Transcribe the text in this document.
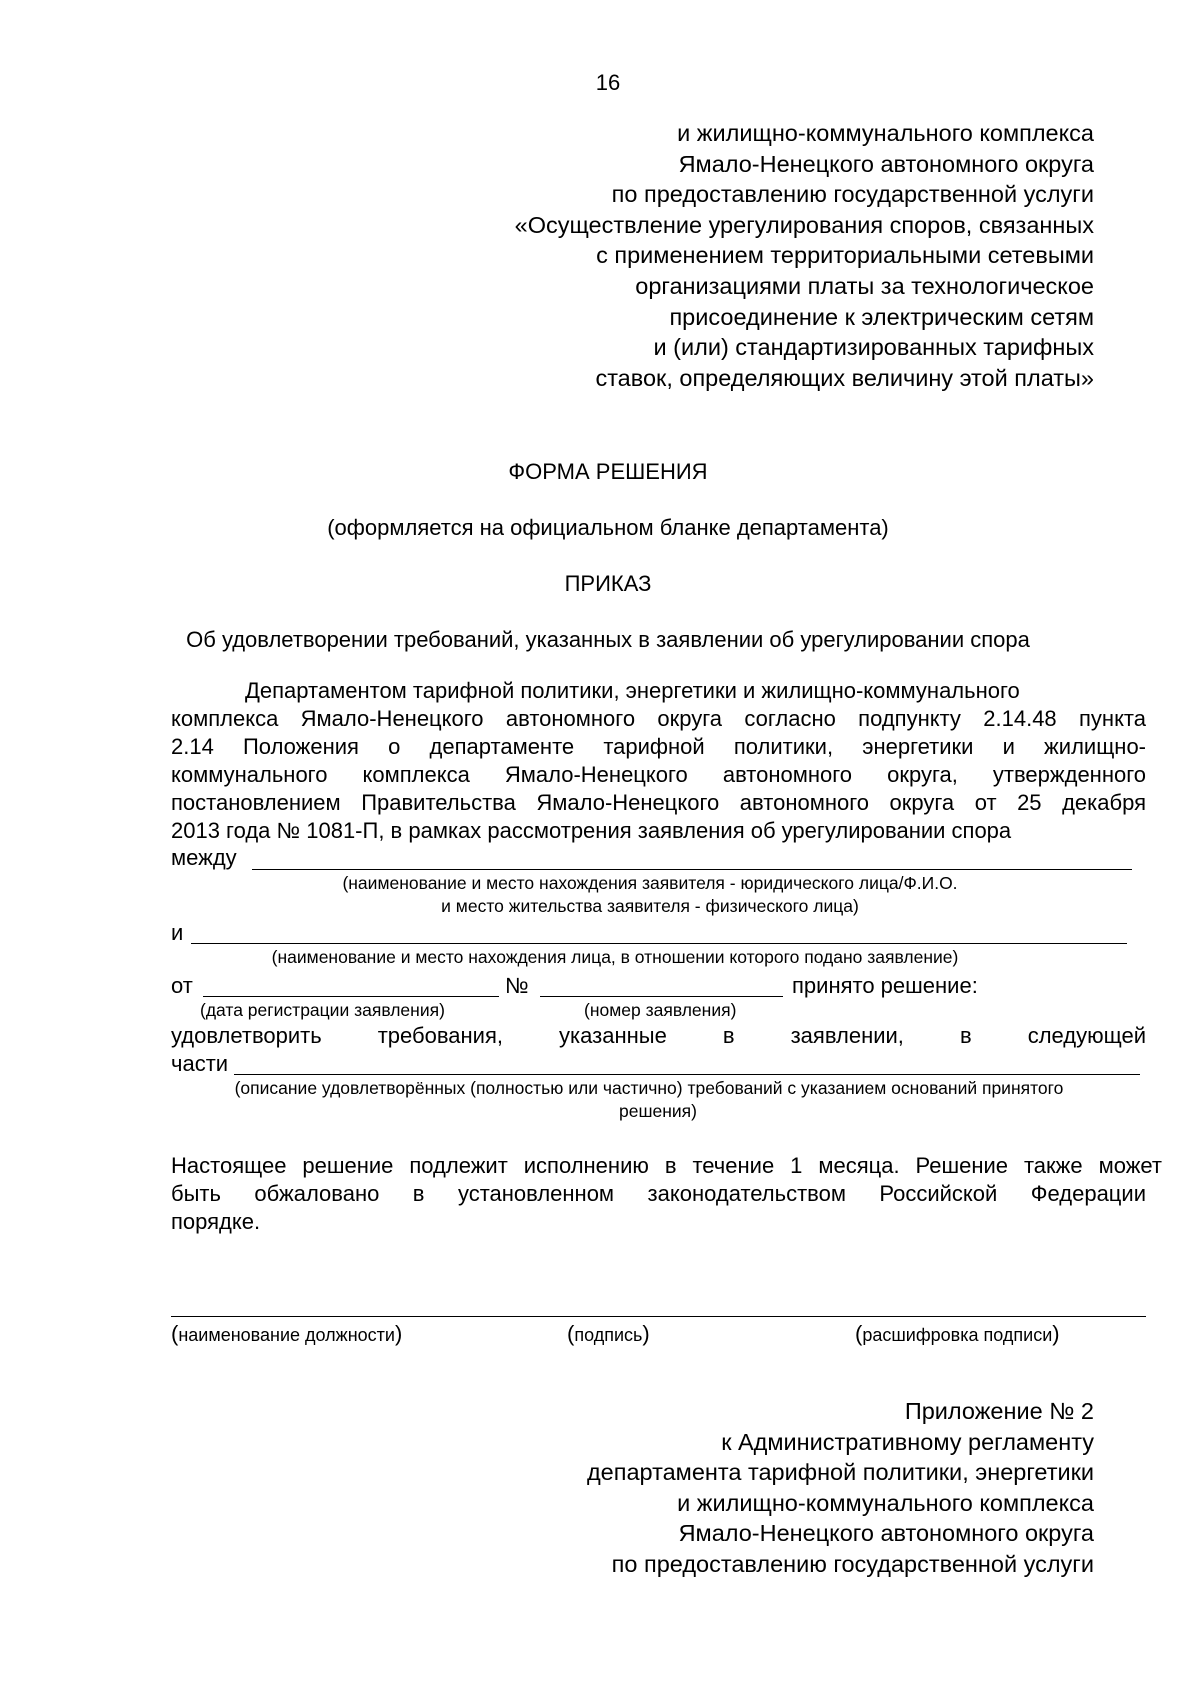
16
и жилищно-коммунального комплекса
Ямало-Ненецкого автономного округа
по предоставлению государственной услуги
«Осуществление урегулирования споров, связанных
с применением территориальными сетевыми
организациями платы за технологическое
присоединение к электрическим сетям
и (или) стандартизированных тарифных
ставок, определяющих величину этой платы»
ФОРМА РЕШЕНИЯ
(оформляется на официальном бланке департамента)
ПРИКАЗ
Об удовлетворении требований, указанных в заявлении об урегулировании спора
Департаментом тарифной политики, энергетики и жилищно-коммунального
комплекса Ямало-Ненецкого автономного округа согласно подпункту 2.14.48 пункта
2.14 Положения о департаменте тарифной политики, энергетики и жилищно-
коммунального комплекса Ямало-Ненецкого автономного округа, утвержденного
постановлением Правительства Ямало-Ненецкого автономного округа от 25 декабря
2013 года № 1081-П, в рамках рассмотрения заявления об урегулировании спора
между
(наименование и место нахождения заявителя - юридического лица/Ф.И.О.
и место жительства заявителя - физического лица)
и
(наименование и место нахождения лица, в отношении которого подано заявление)
от	№	принято решение:
(дата регистрации заявления)	(номер заявления)
удовлетворить требования, указанные в заявлении, в следующей
части
(описание удовлетворённых (полностью или частично) требований с указанием оснований принятого
решения)
Настоящее решение подлежит исполнению в течение 1 месяца. Решение также может
быть обжаловано в установленном законодательством Российской Федерации
порядке.
(наименование должности)	(подпись)	(расшифровка подписи)
Приложение № 2
к Административному регламенту
департамента тарифной политики, энергетики
и жилищно-коммунального комплекса
Ямало-Ненецкого автономного округа
по предоставлению государственной услуги
